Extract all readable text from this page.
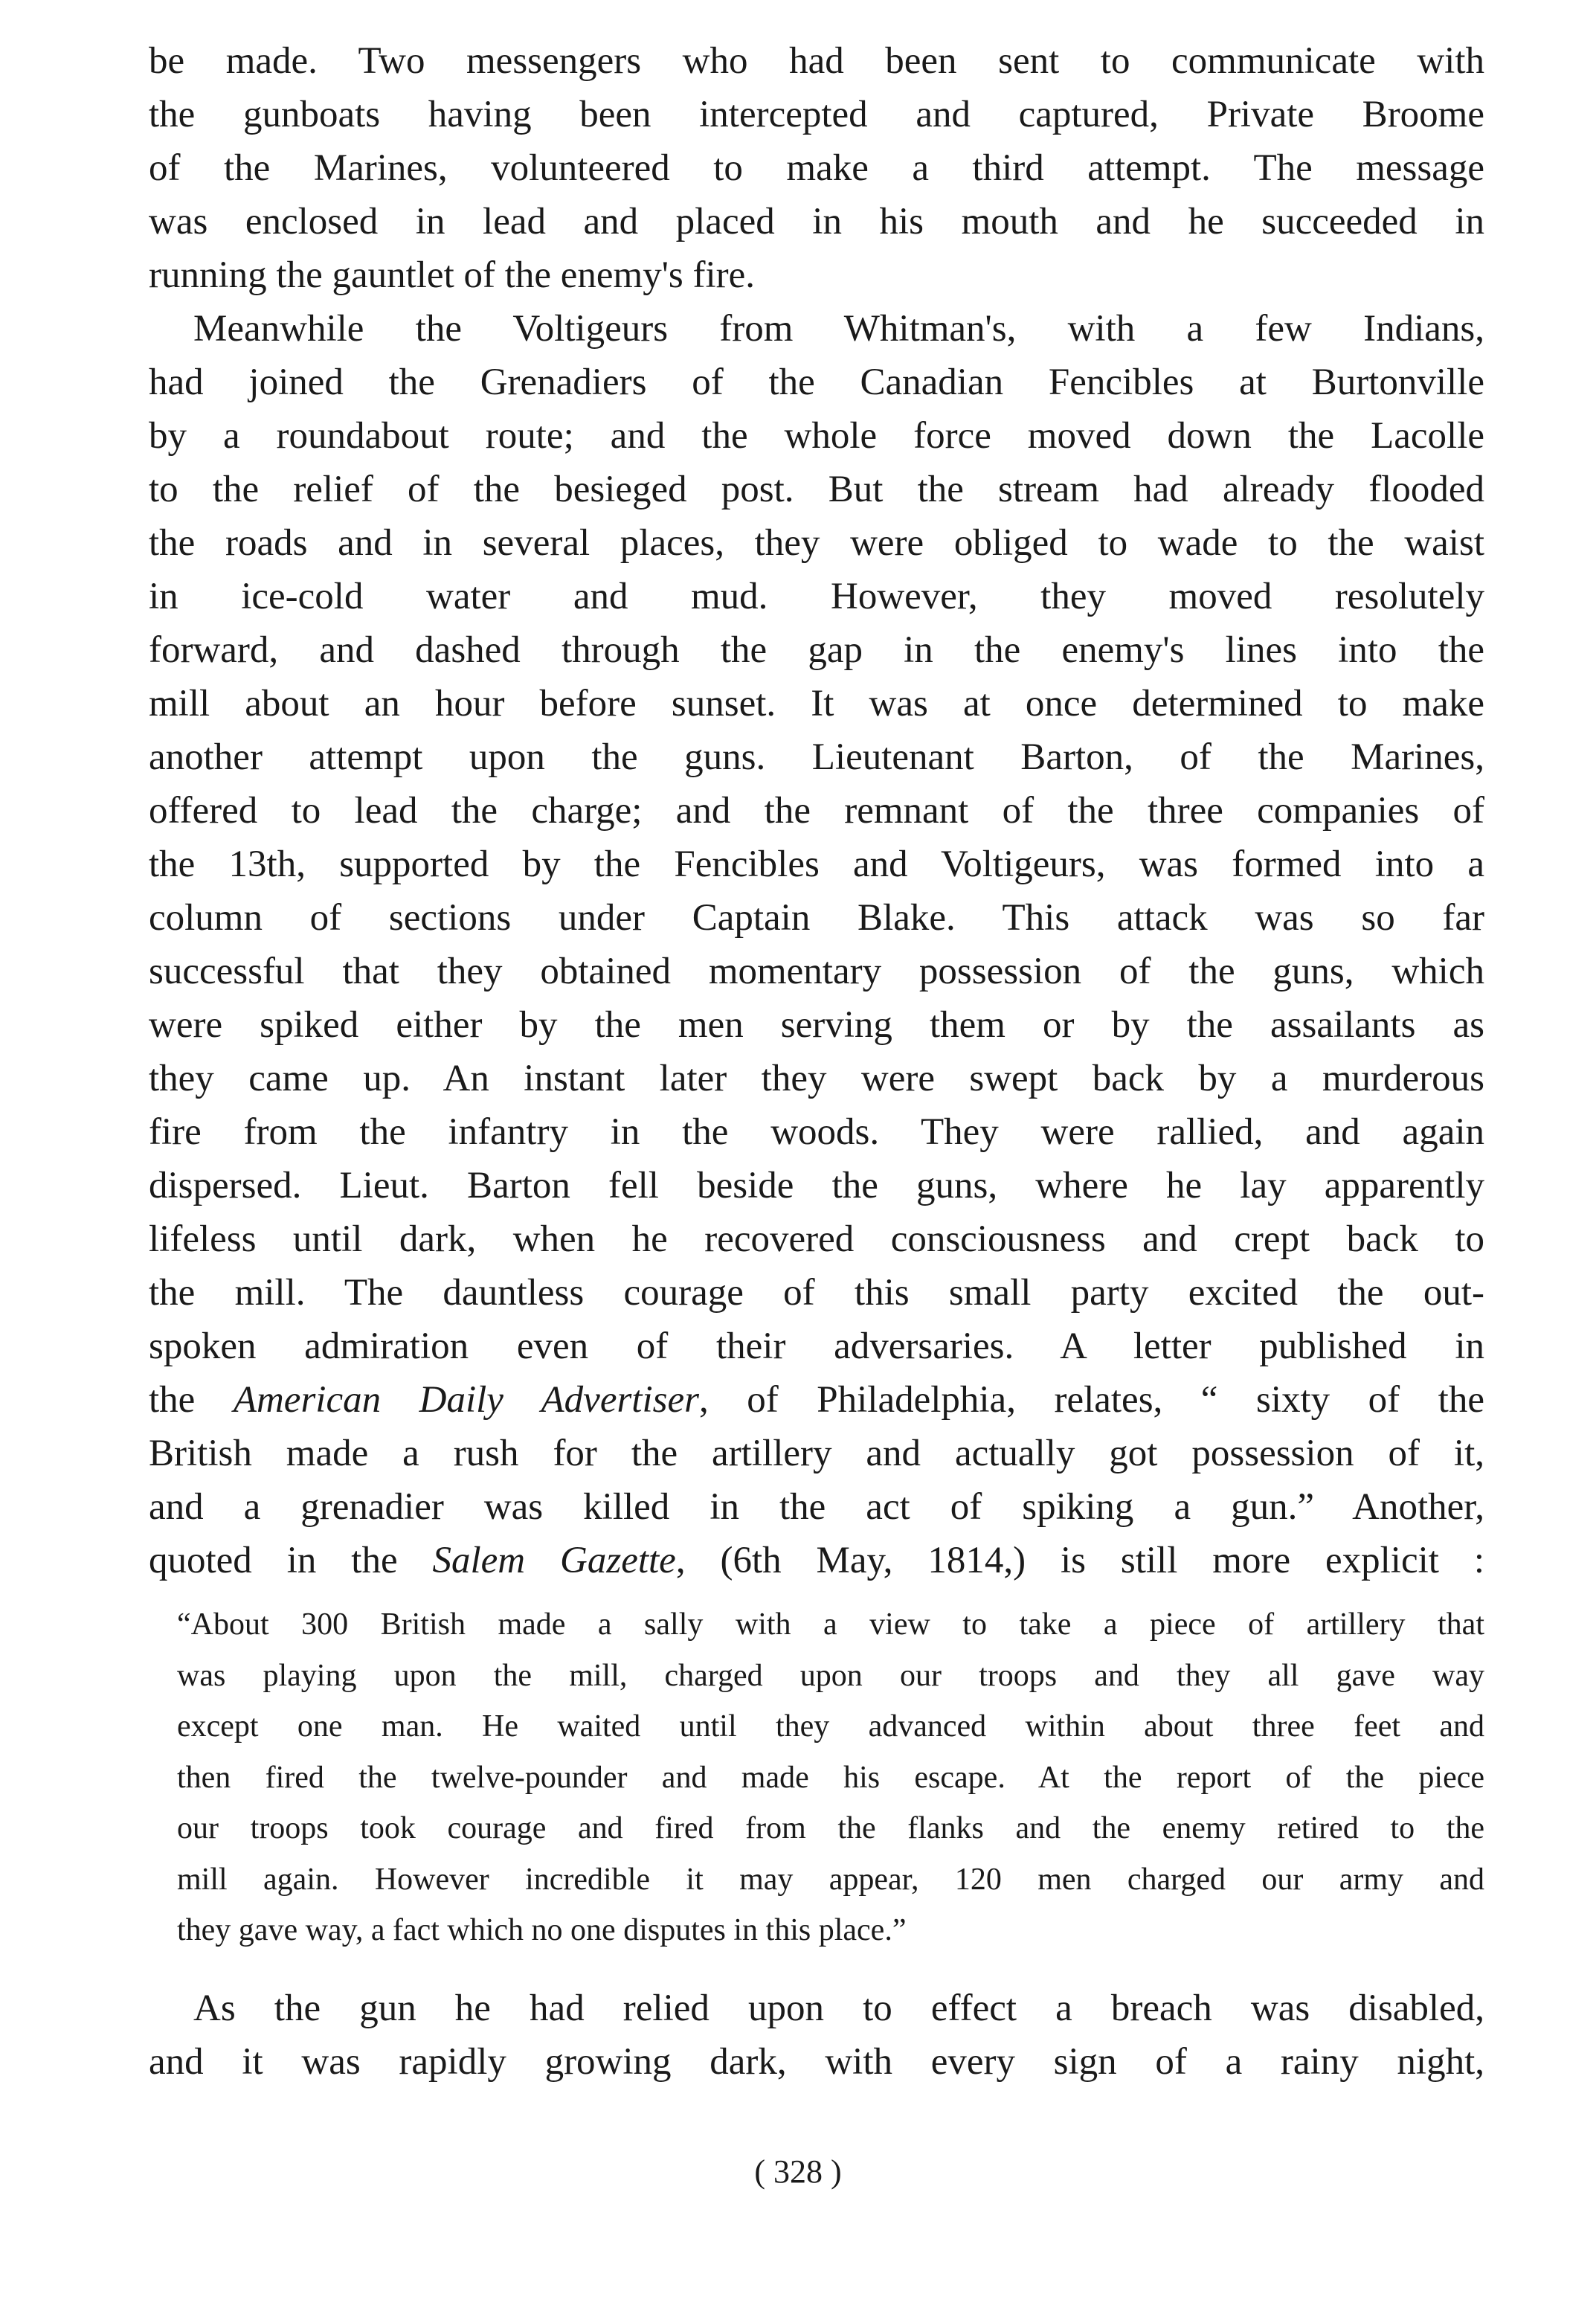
be made. Two messengers who had been sent to communicate with

the gunboats having been intercepted and captured, Private Broome

of the Marines, volunteered to make a third attempt. The message

was enclosed in lead and placed in his mouth and he succeeded in

running the gauntlet of the enemy's fire.

Meanwhile the Voltigeurs from Whitman's, with a few Indians,

had joined the Grenadiers of the Canadian Fencibles at Burtonville

by a roundabout route; and the whole force moved down the Lacolle

to the relief of the besieged post. But the stream had already flooded

the roads and in several places, they were obliged to wade to the waist

in ice-cold water and mud. However, they moved resolutely

forward, and dashed through the gap in the enemy's lines into the

mill about an hour before sunset. It was at once determined to make

another attempt upon the guns. Lieutenant Barton, of the Marines,

offered to lead the charge; and the remnant of the three companies of

the 13th, supported by the Fencibles and Voltigeurs, was formed into a

column of sections under Captain Blake. This attack was so far

successful that they obtained momentary possession of the guns, which

were spiked either by the men serving them or by the assailants as

they came up. An instant later they were swept back by a murderous

fire from the infantry in the woods. They were rallied, and again

dispersed. Lieut. Barton fell beside the guns, where he lay apparently

lifeless until dark, when he recovered consciousness and crept back to

the mill. The dauntless courage of this small party excited the out-

spoken admiration even of their adversaries. A letter published in

the American Daily Advertiser, of Philadelphia, relates, “ sixty of the

British made a rush for the artillery and actually got possession of it,

and a grenadier was killed in the act of spiking a gun.” Another,

quoted in the Salem Gazette, (6th May, 1814,) is still more explicit :

“About 300 British made a sally with a view to take a piece of artillery that

was playing upon the mill, charged upon our troops and they all gave way

except one man. He waited until they advanced within about three feet and

then fired the twelve-pounder and made his escape. At the report of the piece

our troops took courage and fired from the flanks and the enemy retired to the

mill again. However incredible it may appear, 120 men charged our army and

they gave way, a fact which no one disputes in this place.”

As the gun he had relied upon to effect a breach was disabled,

and it was rapidly growing dark, with every sign of a rainy night,

( 328 )
